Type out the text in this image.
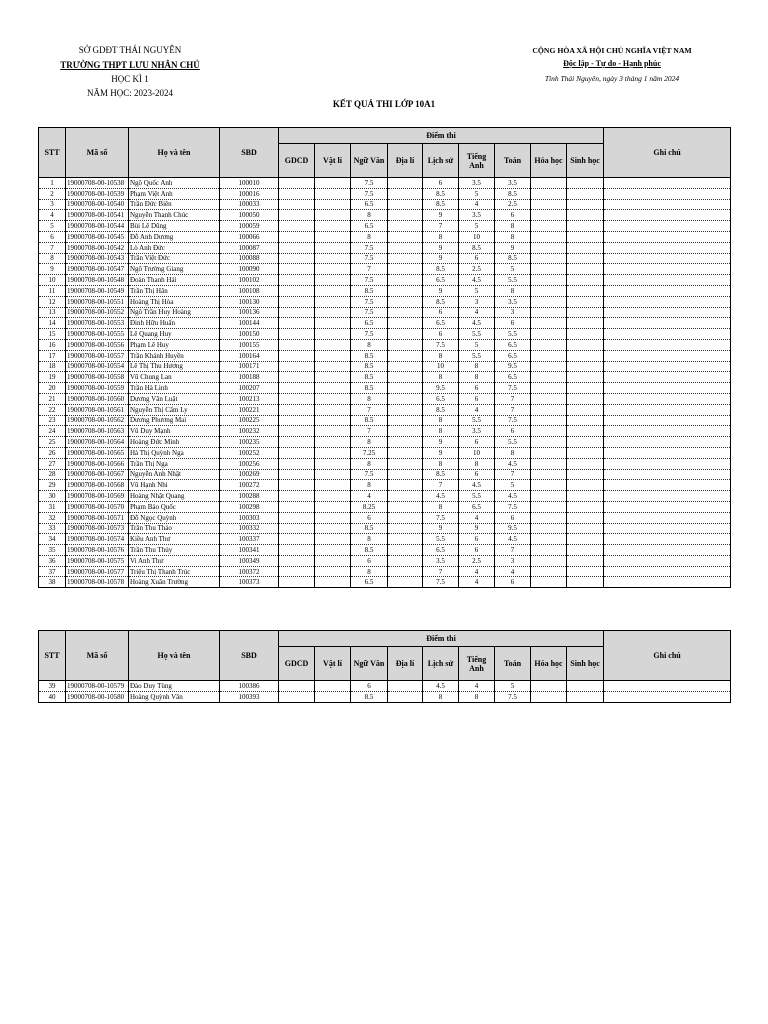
SỞ GDĐT THÁI NGUYÊN
TRƯỜNG THPT LƯU NHÂN CHÚ
HỌC KÌ 1
NĂM HỌC: 2023-2024
CỘNG HÒA XÃ HỘI CHỦ NGHĨA VIỆT NAM
Độc lập - Tự do - Hạnh phúc
Tỉnh Thái Nguyên, ngày 3 tháng 1 năm 2024
KẾT QUẢ THI LỚP 10A1
STT	Mã số	Họ và tên	SBD	Điểm thi									Ghi chú
				GDCD	Vật lí	Ngữ Văn	Địa lí	Lịch sử	Tiếng Anh	Toán	Hóa học	Sinh học	
1	19000708-00-10538	Ngô Quốc Anh	100010			7.5		6	3.5	3.5			
2	19000708-00-10539	Phạm Việt Anh	100016			7.5		8.5	5	8.5			
3	19000708-00-10540	Trần Đức Biên	100033			6.5		8.5	4	2.5			
4	19000708-00-10541	Nguyễn Thanh Chúc	100050			8		9	3.5	6			
5	19000708-00-10544	Bùi Lê Dũng	100059			6.5		7	5	8			
6	19000708-00-10545	Đỗ Anh Dương	100066			8		8	10	8			
7	19000708-00-10542	Lò Anh Đức	100087			7.5		9	8.5	9			
8	19000708-00-10543	Trần Việt Đức	100088			7.5		9	6	8.5			
9	19000708-00-10547	Ngô Trường Giang	100090			7		8.5	2.5	5			
10	19000708-00-10548	Đoàn Thanh Hải	100102			7.5		6.5	4.5	5.5			
11	19000708-00-10549	Trần Thị Hân	100108			8.5		9	5	8			
12	19000708-00-10551	Hoàng Thị Hòa	100130			7.5		8.5	3	3.5			
13	19000708-00-10552	Ngô Trần Huy Hoàng	100136			7.5		6	4	3			
14	19000708-00-10553	Đinh Hữu Huấn	100144			6.5		6.5	4.5	6			
15	19000708-00-10555	Lê Quang Huy	100150			7.5		6	5.5	5.5			
16	19000708-00-10556	Phạm Lê Huy	100155			8		7.5	5	6.5			
17	19000708-00-10557	Trần Khánh Huyền	100164			8.5		8	5.5	6.5			
18	19000708-00-10554	Lê Thị Thu Hương	100171			8.5		10	8	9.5			
19	19000708-00-10558	Vũ Chung Lan	100188			8.5		8	8	6.5			
20	19000708-00-10559	Trần Hà Linh	100207			8.5		9.5	6	7.5			
21	19000708-00-10560	Dương Văn Luật	100213			8		6.5	6	7			
22	19000708-00-10561	Nguyễn Thị Cẩm Ly	100221			7		8.5	4	7			
23	19000708-00-10562	Dương Phương Mai	100225			8.5		8	5.5	7.5			
24	19000708-00-10563	Vũ Duy Mạnh	100232			7		8	3.5	6			
25	19000708-00-10564	Hoàng Đức Minh	100235			8		9	6	5.5			
26	19000708-00-10565	Hà Thị Quỳnh Nga	100252			7.25		9	10	8			
27	19000708-00-10566	Trần Thị Nga	100256			8		8	8	4.5			
28	19000708-00-10567	Nguyễn Anh Nhật	100269			7.5		8.5	6	7			
29	19000708-00-10568	Vũ Hạnh Nhi	100272			8		7	4.5	5			
30	19000708-00-10569	Hoàng Nhật Quang	100288			4		4.5	5.5	4.5			
31	19000708-00-10570	Phạm Bảo Quốc	100298			8.25		8	6.5	7.5			
32	19000708-00-10571	Đỗ Ngọc Quỳnh	100303			6		7.5	4	6			
33	19000708-00-10573	Trần Thu Thảo	100332			8.5		9	9	9.5			
34	19000708-00-10574	Kiều Anh Thư	100337			8		5.5	6	4.5			
35	19000708-00-10576	Trần Thu Thủy	100341			8.5		6.5	6	7			
36	19000708-00-10575	Vi Anh Thư	100349			6		3.5	2.5	3			
37	19000708-00-10577	Triệu Thị Thanh Trúc	100372			8		7	4	4			
38	19000708-00-10578	Hoàng Xuân Trường	100373			6.5		7.5	4	6			
STT	Mã số	Họ và tên	SBD	Điểm thi									Ghi chú
				GDCD	Vật lí	Ngữ Văn	Địa lí	Lịch sử	Tiếng Anh	Toán	Hóa học	Sinh học	
39	19000708-00-10579	Đào Duy Tùng	100386			6		4.5	4	5			
40	19000708-00-10580	Hoàng Quỳnh Vân	100393			8.5		8	8	7.5			
